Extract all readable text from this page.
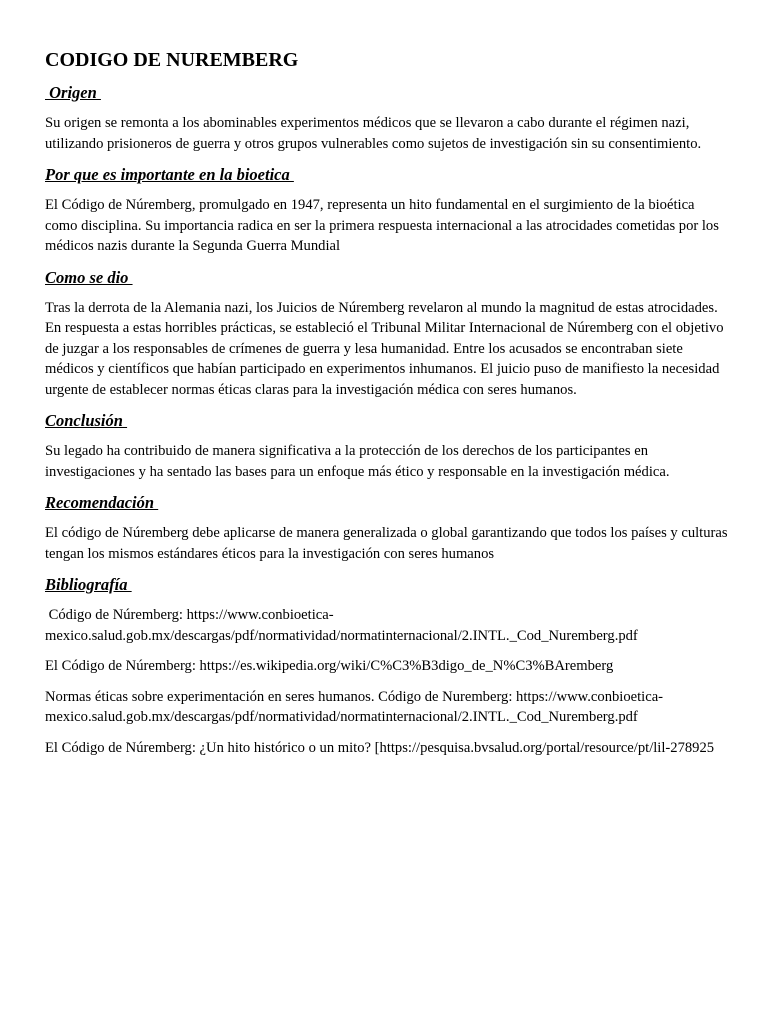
CODIGO DE NUREMBERG
Origen

Su origen se remonta a los abominables experimentos médicos que se llevaron a cabo durante el régimen nazi, utilizando prisioneros de guerra y otros grupos vulnerables como sujetos de investigación sin su consentimiento.

Por que es importante en la bioetica

El Código de Núremberg, promulgado en 1947, representa un hito fundamental en el surgimiento de la bioética como disciplina. Su importancia radica en ser la primera respuesta internacional a las atrocidades cometidas por los médicos nazis durante la Segunda Guerra Mundial

Como se dio

Tras la derrota de la Alemania nazi, los Juicios de Núremberg revelaron al mundo la magnitud de estas atrocidades. En respuesta a estas horribles prácticas, se estableció el Tribunal Militar Internacional de Núremberg con el objetivo de juzgar a los responsables de crímenes de guerra y lesa humanidad. Entre los acusados se encontraban siete médicos y científicos que habían participado en experimentos inhumanos. El juicio puso de manifiesto la necesidad urgente de establecer normas éticas claras para la investigación médica con seres humanos.

Conclusión

Su legado ha contribuido de manera significativa a la protección de los derechos de los participantes en investigaciones y ha sentado las bases para un enfoque más ético y responsable en la investigación médica.

Recomendación

El código de Núremberg debe aplicarse de manera generalizada o global garantizando que todos los países y culturas tengan los mismos estándares éticos para la investigación con seres humanos

Bibliografía

Código de Núremberg: https://www.conbioetica-mexico.salud.gob.mx/descargas/pdf/normatividad/normatinternacional/2.INTL._Cod_Nuremberg.pdf

El Código de Núremberg: https://es.wikipedia.org/wiki/C%C3%B3digo_de_N%C3%BAremberg

Normas éticas sobre experimentación en seres humanos. Código de Nuremberg: https://www.conbioetica-mexico.salud.gob.mx/descargas/pdf/normatividad/normatinternacional/2.INTL._Cod_Nuremberg.pdf

El Código de Núremberg: ¿Un hito histórico o un mito? [https://pesquisa.bvsalud.org/portal/resource/pt/lil-278925
